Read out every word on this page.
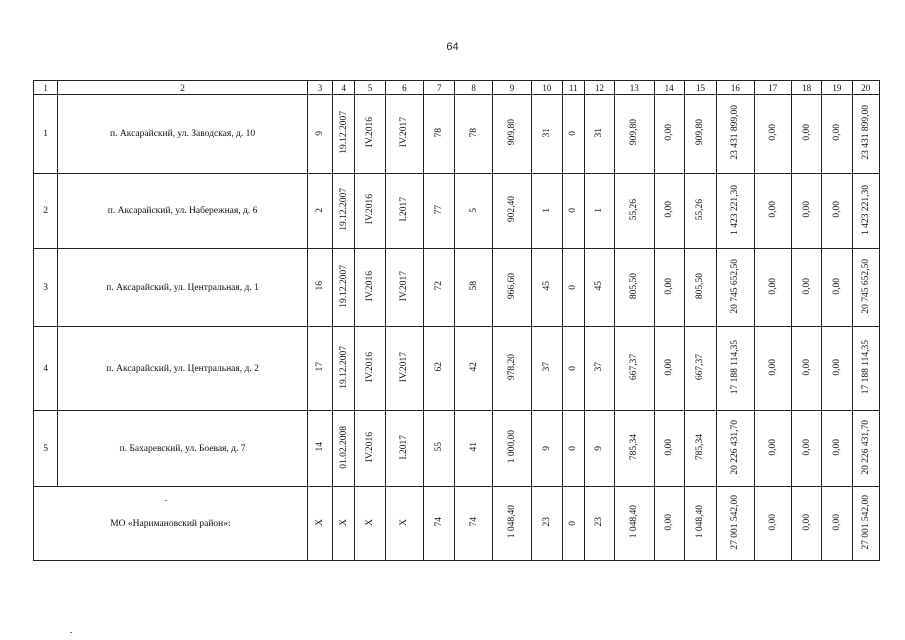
64
1	2	3	4	5	6	7	8	9	10	11	12	13	14	15	16	17	18	19	20
1	п. Аксарайский, ул. Заводская, д. 10	9	19.12.2007	IV.2016	IV.2017	78	78	909,80	31	0	31	909,80	0,00	909,80	23 431 899,00	0,00	0,00	0,00	23 431 899,00
2	п. Аксарайский, ул. Набережная, д. 6	2	19.12.2007	IV.2016	I.2017	77	5	902,40	1	0	1	55,26	0,00	55,26	1 423 221,30	0,00	0,00	0,00	1 423 221,30
3	п. Аксарайский, ул. Центральная, д. 1	16	19.12.2007	IV.2016	IV.2017	72	58	966,60	45	0	45	805,50	0,00	805,50	20 745 652,50	0,00	0,00	0,00	20 745 652,50
4	п. Аксарайский, ул. Центральная, д. 2	17	19.12.2007	IV.2016	IV.2017	62	42	978,20	37	0	37	667,37	0,00	667,37	17 188 114,35	0,00	0,00	0,00	17 188 114,35
5	п. Бахаревский, ул. Боевая, д. 7	14	01.02.2008	IV.2016	I.2017	55	41	1 000,00	9	0	9	785,34	0,00	785,34	20 226 431,70	0,00	0,00	0,00	20 226 431,70
МО «Наримановский район»:		X	X	X	X	74	74	1 048,40	23	0	23	1 048,40	0,00	1 048,40	27 001 542,00	0,00	0,00	0,00	27 001 542,00
